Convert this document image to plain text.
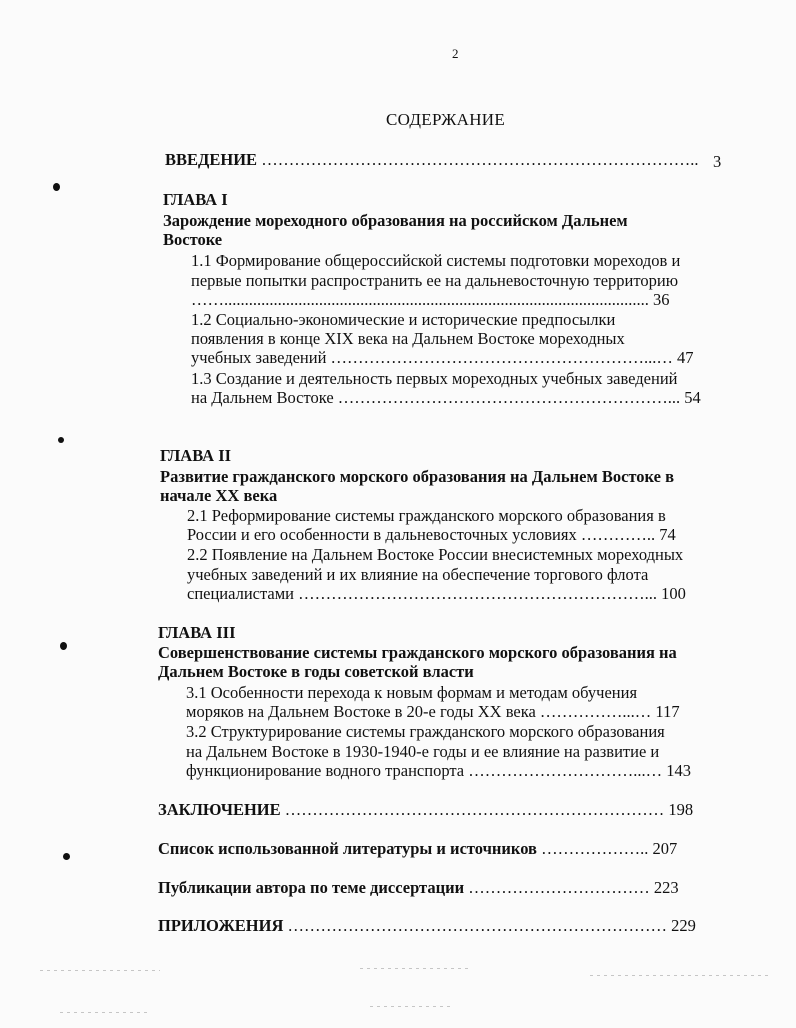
2
СОДЕРЖАНИЕ
ВВЕДЕНИЕ …………………………………………………………………….. 3
ГЛАВА I
Зарождение мореходного образования на российском Дальнем
Востоке
1.1 Формирование общероссийской системы подготовки мореходов и
первые попытки распространить ее на дальневосточную территорию
……....................................................................................................... 36
1.2 Социально-экономические и исторические предпосылки
появления в конце XIX века на Дальнем Востоке мореходных
учебных заведений …………………………………………………...… 47
1.3 Создание и деятельность первых мореходных учебных заведений
на Дальнем Востоке ……………………………………………………... 54
ГЛАВА II
Развитие гражданского морского образования на Дальнем Востоке в
начале XX века
2.1 Реформирование системы гражданского морского образования в
России и его особенности в дальневосточных условиях ………….. 74
2.2 Появление на Дальнем Востоке России внесистемных мореходных
учебных заведений и их влияние на обеспечение торгового флота
специалистами ………………………………………………………... 100
ГЛАВА III
Совершенствование системы гражданского морского образования на
Дальнем Востоке в годы советской власти
3.1 Особенности перехода к новым формам и методам обучения
моряков на Дальнем Востоке в 20-е годы XX века ……………...… 117
3.2 Структурирование системы гражданского морского образования
на Дальнем Востоке в 1930-1940-е годы и ее влияние на развитие и
функционирование водного транспорта …………………………...… 143
ЗАКЛЮЧЕНИЕ …………………………………………………………… 198
Список использованной литературы и источников ……………….. 207
Публикации автора по теме диссертации …………………………… 223
ПРИЛОЖЕНИЯ …………………………………………………………… 229
